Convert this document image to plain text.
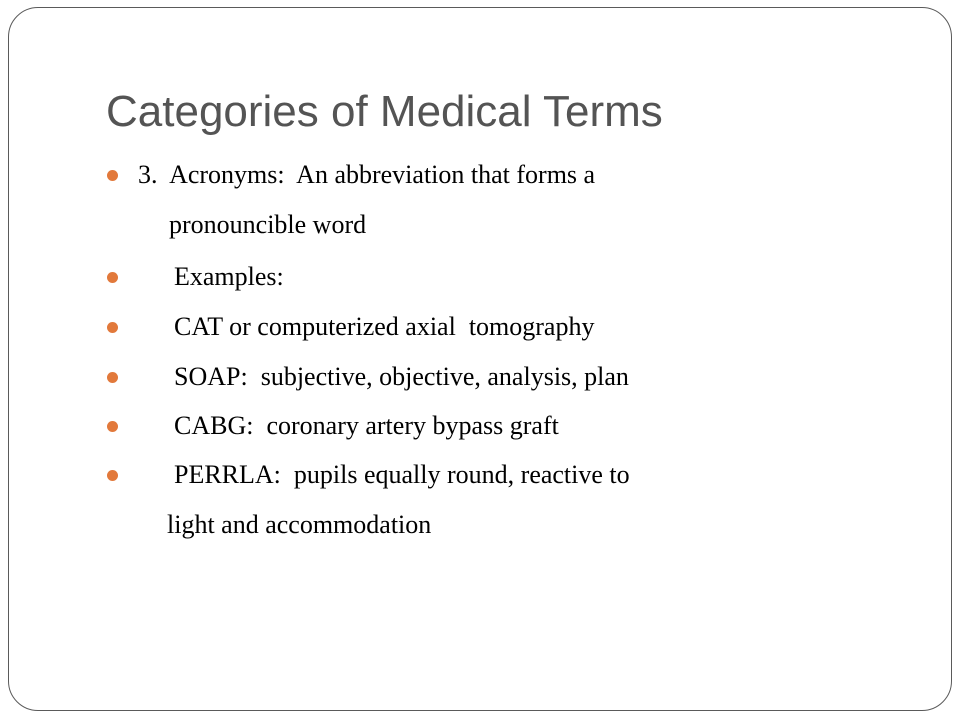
Categories of Medical Terms
3.  Acronyms:  An abbreviation that forms a
pronouncible word
Examples:
CAT or computerized axial  tomography
SOAP:  subjective, objective, analysis, plan
CABG:  coronary artery bypass graft
PERRLA:  pupils equally round, reactive to
light and accommodation
